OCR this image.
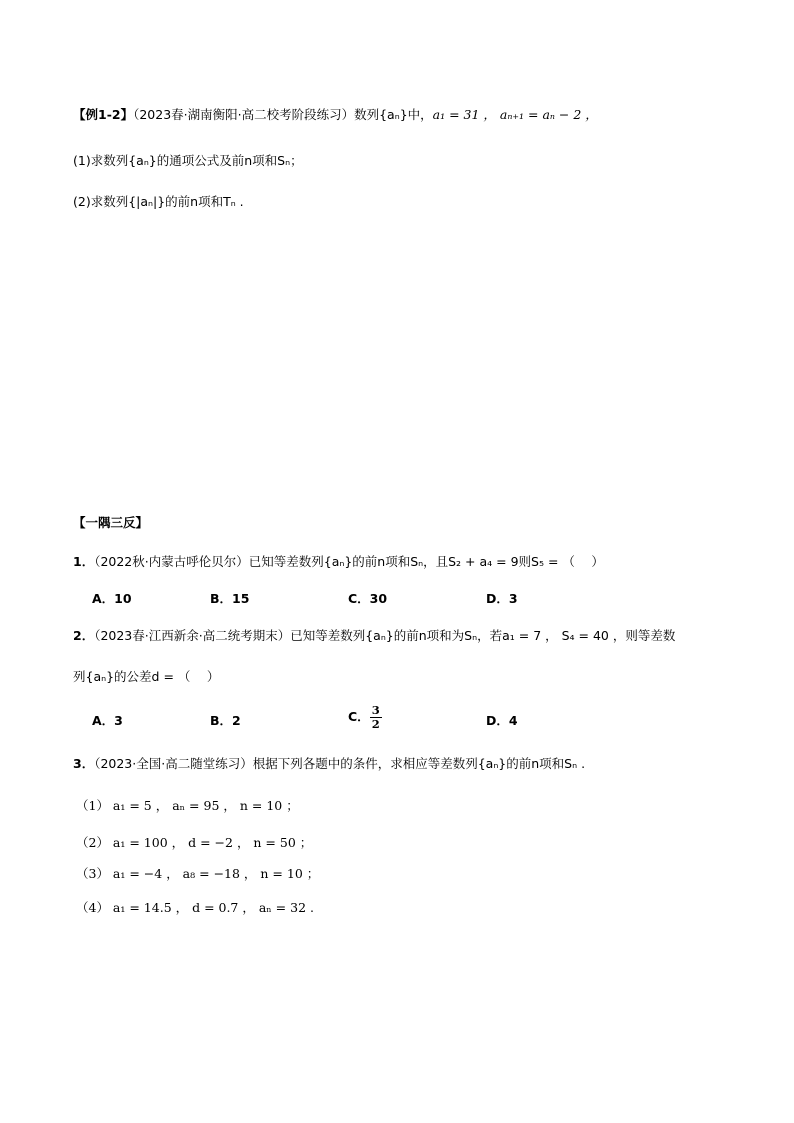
【例1-2】（2023春·湖南衡阳·高二校考阶段练习）数列{aₙ}中，a₁ = 31 ， aₙ₊₁ = aₙ − 2 ，
(1)求数列{aₙ}的通项公式及前n项和Sₙ；
(2)求数列{|aₙ|}的前n项和Tₙ .
【一隅三反】
1．（2022秋·内蒙古呼伦贝尔）已知等差数列{aₙ}的前n项和Sₙ，且S₂ + a₄ = 9则S₅ = （　 ）
A．10	B．15	C．30	D．3
2．（2023春·江西新余·高二统考期末）已知等差数列{aₙ}的前n项和为Sₙ，若a₁ = 7 ， S₄ = 40 ，则等差数
列{aₙ}的公差d = （　 ）
A．3	B．2	C． $\frac{3}{2}$	D．4
3．（2023·全国·高二随堂练习）根据下列各题中的条件，求相应等差数列{aₙ}的前n项和Sₙ .
（1） a₁ = 5 ， aₙ = 95 ， n = 10 ；
（2） a₁ = 100 ， d = −2 ， n = 50 ；
（3） a₁ = −4 ， a₈ = −18 ， n = 10 ；
（4） a₁ = 14.5 ， d = 0.7 ， aₙ = 32 .
